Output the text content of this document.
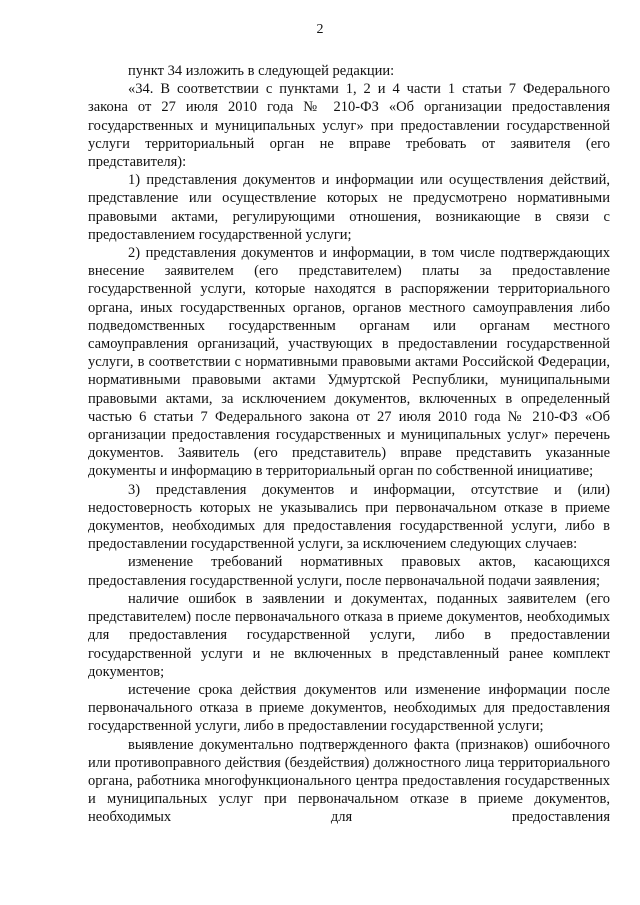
2

пункт 34 изложить в следующей редакции:

«34. В соответствии с пунктами 1, 2 и 4 части 1 статьи 7 Федерального закона от 27 июля 2010 года № 210-ФЗ «Об организации предоставления государственных и муниципальных услуг» при предоставлении государственной услуги территориальный орган не вправе требовать от заявителя (его представителя):

1) представления документов и информации или осуществления действий, представление или осуществление которых не предусмотрено нормативными правовыми актами, регулирующими отношения, возникающие в связи с предоставлением государственной услуги;

2) представления документов и информации, в том числе подтверждающих внесение заявителем (его представителем) платы за предоставление государственной услуги, которые находятся в распоряжении территориального органа, иных государственных органов, органов местного самоуправления либо подведомственных государственным органам или органам местного самоуправления организаций, участвующих в предоставлении государственной услуги, в соответствии с нормативными правовыми актами Российской Федерации, нормативными правовыми актами Удмуртской Республики, муниципальными правовыми актами, за исключением документов, включенных в определенный частью 6 статьи 7 Федерального закона от 27 июля 2010 года № 210-ФЗ «Об организации предоставления государственных и муниципальных услуг» перечень документов. Заявитель (его представитель) вправе представить указанные документы и информацию в территориальный орган по собственной инициативе;

3) представления документов и информации, отсутствие и (или) недостоверность которых не указывались при первоначальном отказе в приеме документов, необходимых для предоставления государственной услуги, либо в предоставлении государственной услуги, за исключением следующих случаев:

изменение требований нормативных правовых актов, касающихся предоставления государственной услуги, после первоначальной подачи заявления;

наличие ошибок в заявлении и документах, поданных заявителем (его представителем) после первоначального отказа в приеме документов, необходимых для предоставления государственной услуги, либо в предоставлении государственной услуги и не включенных в представленный ранее комплект документов;

истечение срока действия документов или изменение информации после первоначального отказа в приеме документов, необходимых для предоставления государственной услуги, либо в предоставлении государственной услуги;

выявление документально подтвержденного факта (признаков) ошибочного или противоправного действия (бездействия) должностного лица территориального органа, работника многофункционального центра предоставления государственных и муниципальных услуг при первоначальном отказе в приеме документов, необходимых для предоставления
